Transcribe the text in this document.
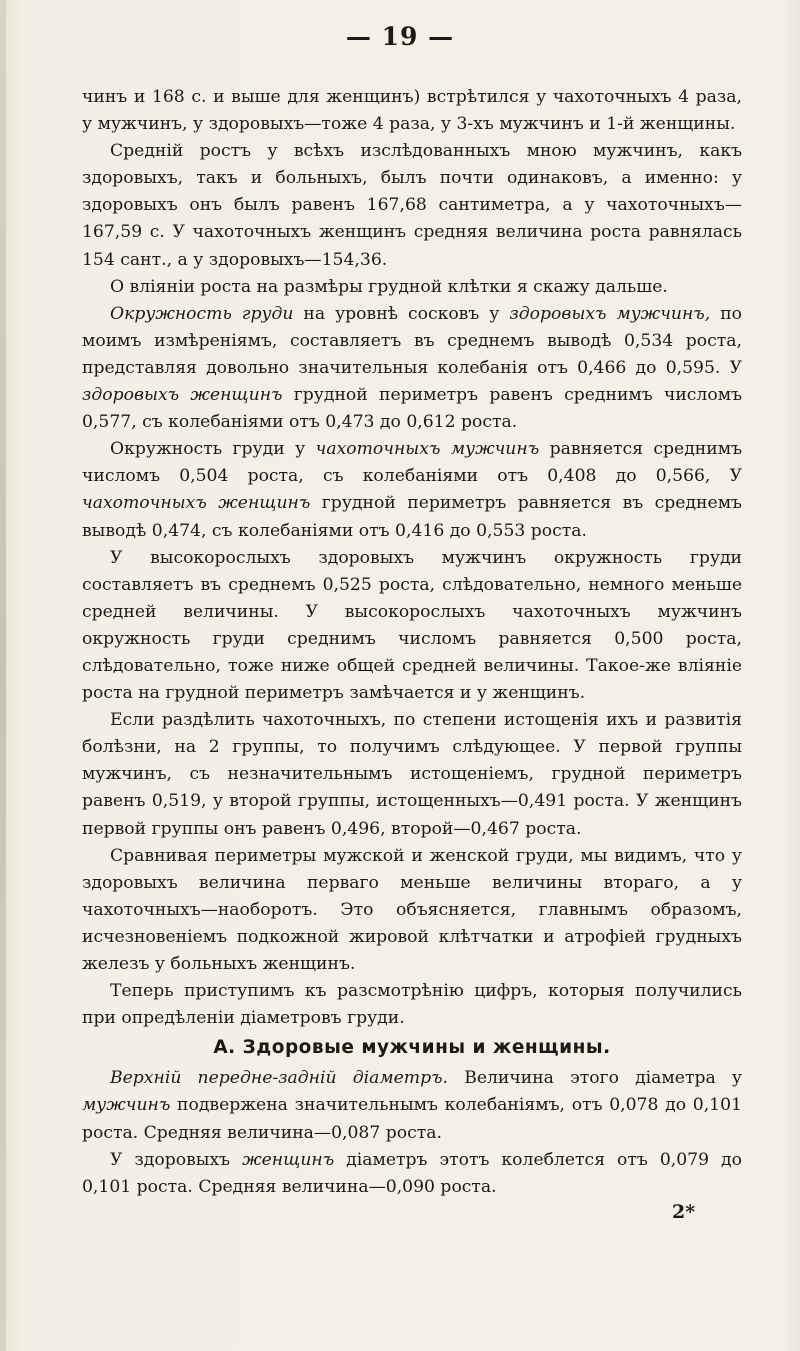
— 19 —

чинъ и 168 с. и выше для женщинъ) встрѣтился у чахоточныхъ 4 раза, у мужчинъ, у здоровыхъ—тоже 4 раза, у 3-хъ мужчинъ и 1-й женщины.

Среднiй ростъ у всѣхъ изслѣдованныхъ мною мужчинъ, какъ здоровыхъ, такъ и больныхъ, былъ почти одинаковъ, а именно: у здоровыхъ онъ былъ равенъ 167,68 сантиметра, а у чахоточныхъ— 167,59 с. У чахоточныхъ женщинъ средняя величина роста равнялась 154 сант., а у здоровыхъ—154,36.

О влiянiи роста на размѣры грудной клѣтки я скажу дальше.

Окружность груди на уровнѣ сосковъ у здоровыхъ мужчинъ, по моимъ измѣренiямъ, составляетъ въ среднемъ выводѣ 0,534 роста, представляя довольно значительныя колебанiя отъ 0,466 до 0,595. У здоровыхъ женщинъ грудной периметръ равенъ среднимъ числомъ 0,577, съ колебанiями отъ 0,473 до 0,612 роста.

Окружность груди у чахоточныхъ мужчинъ равняется среднимъ числомъ 0,504 роста, съ колебанiями отъ 0,408 до 0,566, У чахоточныхъ женщинъ грудной периметръ равняется въ среднемъ выводѣ 0,474, съ колебанiями отъ 0,416 до 0,553 роста.

У высокорослыхъ здоровыхъ мужчинъ окружность груди составляетъ въ среднемъ 0,525 роста, слѣдовательно, немного меньше средней величины. У высокорослыхъ чахоточныхъ мужчинъ окружность груди среднимъ числомъ равняется 0,500 роста, слѣдовательно, тоже ниже общей средней величины. Такое-же влiянiе роста на грудной периметръ замѣчается и у женщинъ.

Если раздѣлить чахоточныхъ, по степени истощенiя ихъ и развитiя болѣзни, на 2 группы, то получимъ слѣдующее. У первой группы мужчинъ, съ незначительнымъ истощенiемъ, грудной периметръ равенъ 0,519, у второй группы, истощенныхъ—0,491 роста. У женщинъ первой группы онъ равенъ 0,496, второй—0,467 роста.

Сравнивая периметры мужской и женской груди, мы видимъ, что у здоровыхъ величина перваго меньше величины втораго, а у чахоточныхъ—наоборотъ. Это объясняется, главнымъ образомъ, исчезновенiемъ подкожной жировой клѣтчатки и атрофiей грудныхъ железъ у больныхъ женщинъ.

Теперь приступимъ къ разсмотрѣнiю цифръ, которыя получились при опредѣленiи дiаметровъ груди.

А. Здоровые мужчины и женщины.

Верхнiй передне-заднiй дiаметръ. Величина этого дiаметра у мужчинъ подвержена значительнымъ колебанiямъ, отъ 0,078 до 0,101 роста. Средняя величина—0,087 роста.

У здоровыхъ женщинъ дiаметръ этотъ колеблется отъ 0,079 до 0,101 роста. Средняя величина—0,090 роста.

2*
